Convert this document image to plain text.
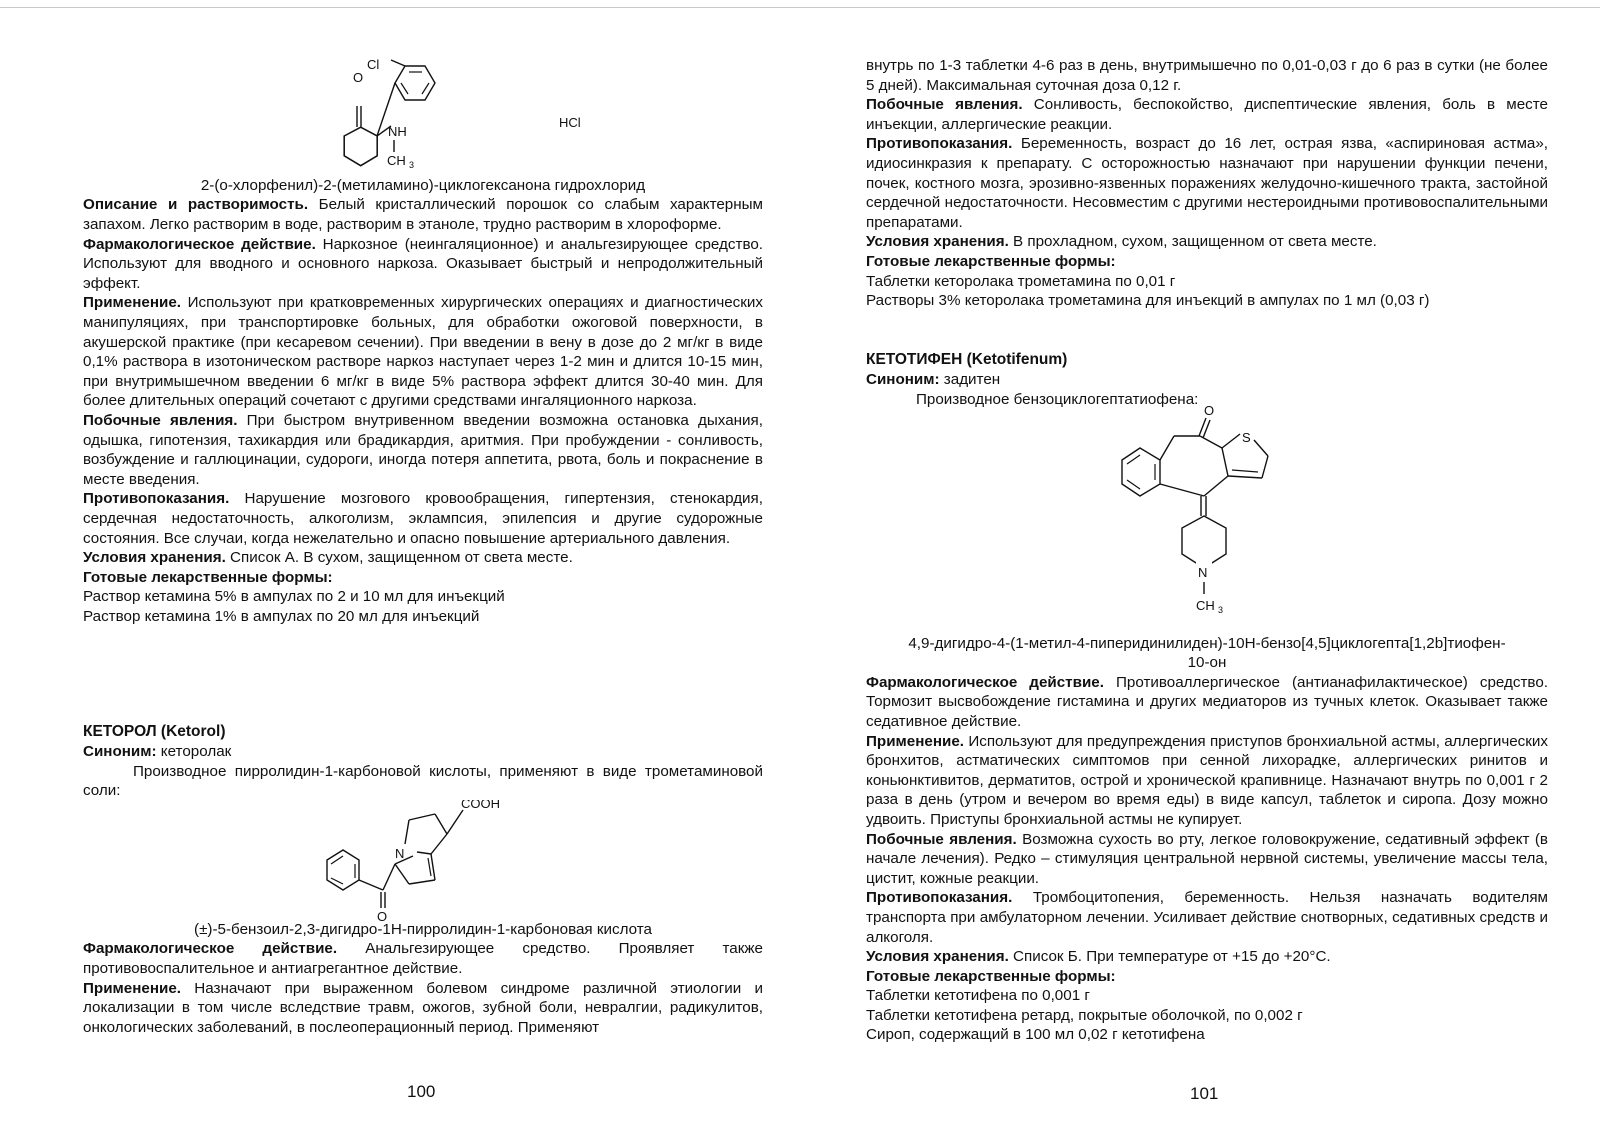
O
Cl
NH
CH 3
HCl

2-(о-хлорфенил)-2-(метиламино)-циклогексанона гидрохлорид

Описание и растворимость. Белый кристаллический порошок со слабым характерным запахом. Легко растворим в воде, растворим в этаноле, трудно растворим в хлороформе.

Фармакологическое действие. Наркозное (неингаляционное) и анальгезирующее средство. Используют для вводного и основного наркоза. Оказывает быстрый и непродолжительный эффект.

Применение. Используют при кратковременных хирургических операциях и диагностических манипуляциях, при транспортировке больных, для обработки ожоговой поверхности, в акушерской практике (при кесаревом сечении). При введении в вену в дозе до 2 мг/кг в виде 0,1% раствора в изотоническом растворе наркоз наступает через 1-2 мин и длится 10-15 мин, при внутримышечном введении 6 мг/кг в виде 5% раствора эффект длится 30-40 мин. Для более длительных операций сочетают с другими средствами ингаляционного наркоза.

Побочные явления. При быстром внутривенном введении возможна остановка дыхания, одышка, гипотензия, тахикардия или брадикардия, аритмия. При пробуждении - сонливость, возбуждение и галлюцинации, судороги, иногда потеря аппетита, рвота, боль и покраснение в месте введения.

Противопоказания. Нарушение мозгового кровообращения, гипертензия, стенокардия, сердечная недостаточность, алкоголизм, эклампсия, эпилепсия и другие судорожные состояния. Все случаи, когда нежелательно и опасно повышение артериального давления.

Условия хранения. Список А. В сухом, защищенном от света месте.

Готовые лекарственные формы:

Раствор кетамина 5% в ампулах по 2 и 10 мл для инъекций

Раствор кетамина 1% в ампулах по 20 мл для инъекций

КЕТОРОЛ (Ketorol)

Синоним: кеторолак

Производное пирролидин-1-карбоновой кислоты, применяют в виде трометаминовой соли:

O
N
COOH

(±)-5-бензоил-2,3-дигидро-1Н-пирролидин-1-карбоновая кислота

Фармакологическое действие. Анальгезирующее средство. Проявляет также противовоспалительное и антиагрегантное действие.

Применение. Назначают при выраженном болевом синдроме различной этиологии и локализации в том числе вследствие травм, ожогов, зубной боли, невралгии, радикулитов, онкологических заболеваний, в послеоперационный период. Применяют

100

внутрь по 1-3 таблетки 4-6 раз в день, внутримышечно по 0,01-0,03 г до 6 раз в сутки (не более 5 дней). Максимальная суточная доза 0,12 г.

Побочные явления. Сонливость, беспокойство, диспептические явления, боль в месте инъекции, аллергические реакции.

Противопоказания. Беременность, возраст до 16 лет, острая язва, «аспириновая астма», идиосинкразия к препарату. С осторожностью назначают при нарушении функции печени, почек, костного мозга, эрозивно-язвенных поражениях желудочно-кишечного тракта, застойной сердечной недостаточности. Несовместим с другими нестероидными противовоспалительными препаратами.

Условия хранения. В прохладном, сухом, защищенном от света месте.

Готовые лекарственные формы:

Таблетки кеторолака трометамина по 0,01 г

Растворы 3% кеторолака трометамина для инъекций в ампулах по 1 мл (0,03 г)

КЕТОТИФЕН (Ketotifenum)

Синоним: задитен

Производное бензоциклогептатиофена:

O
S
N
CH 3

4,9-дигидро-4-(1-метил-4-пиперидинилиден)-10Н-бензо[4,5]циклогепта[1,2b]тиофен-

10-он

Фармакологическое действие. Противоаллергическое (антианафилактическое) средство. Тормозит высвобождение гистамина и других медиаторов из тучных клеток. Оказывает также седативное действие.

Применение. Используют для предупреждения приступов бронхиальной астмы, аллергических бронхитов, астматических симптомов при сенной лихорадке, аллергических ринитов и коньюнктивитов, дерматитов, острой и хронической крапивнице. Назначают внутрь по 0,001 г 2 раза в день (утром и вечером во время еды) в виде капсул, таблеток и сиропа. Дозу можно удвоить. Приступы бронхиальной астмы не купирует.

Побочные явления. Возможна сухость во рту, легкое головокружение, седативный эффект (в начале лечения). Редко – стимуляция центральной нервной системы, увеличение массы тела, цистит, кожные реакции.

Противопоказания. Тромбоцитопения, беременность. Нельзя назначать водителям транспорта при амбулаторном лечении. Усиливает действие снотворных, седативных средств и алкоголя.

Условия хранения. Список Б. При температуре от +15 до +20°С.

Готовые лекарственные формы:

Таблетки кетотифена по 0,001 г

Таблетки кетотифена ретард, покрытые оболочкой, по 0,002 г

Сироп, содержащий в 100 мл 0,02 г кетотифена

101
